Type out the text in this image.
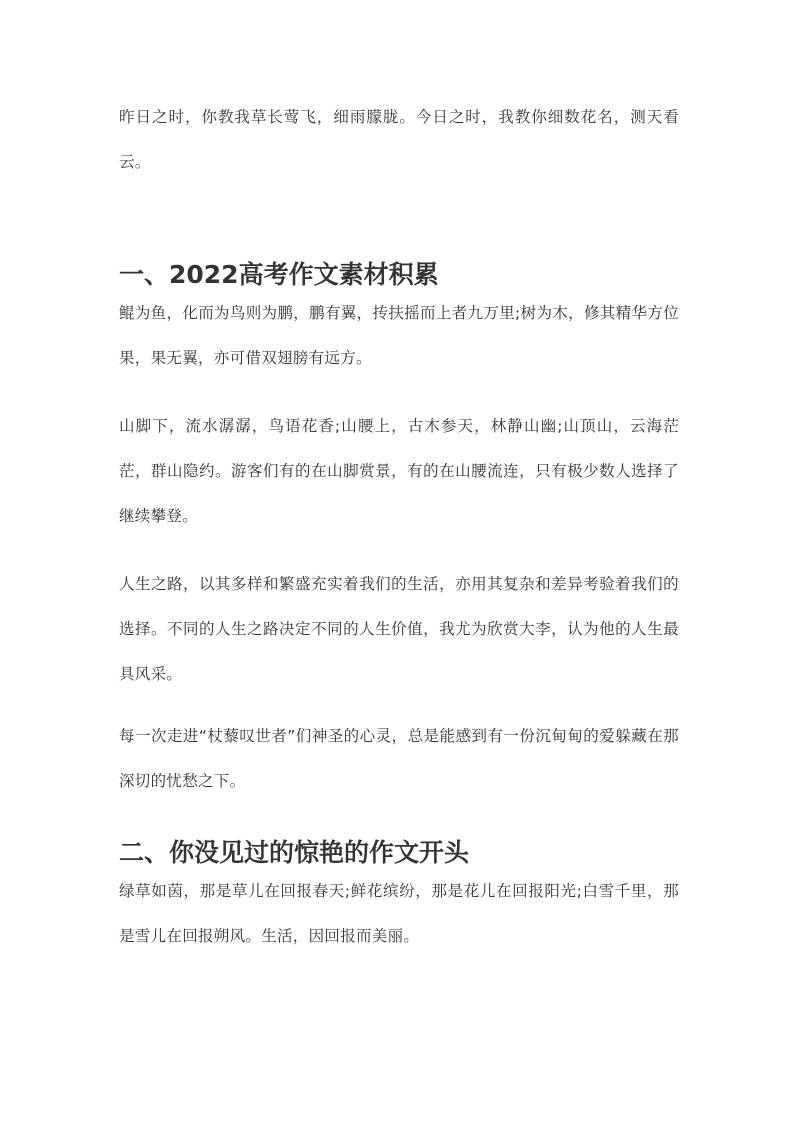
昨日之时，你教我草长莺飞，细雨朦胧。今日之时，我教你细数花名，测天看云。

一、2022高考作文素材积累

鲲为鱼，化而为鸟则为鹏，鹏有翼，抟扶摇而上者九万里;树为木，修其精华方位果，果无翼，亦可借双翅膀有远方。

山脚下，流水潺潺，鸟语花香;山腰上，古木参天，林静山幽;山顶山，云海茫茫，群山隐约。游客们有的在山脚赏景，有的在山腰流连，只有极少数人选择了继续攀登。

人生之路，以其多样和繁盛充实着我们的生活，亦用其复杂和差异考验着我们的选择。不同的人生之路决定不同的人生价值，我尤为欣赏大李，认为他的人生最具风采。

每一次走进“杖藜叹世者”们神圣的心灵，总是能感到有一份沉甸甸的爱躲藏在那深切的忧愁之下。

二、你没见过的惊艳的作文开头

绿草如茵，那是草儿在回报春天;鲜花缤纷，那是花儿在回报阳光;白雪千里，那是雪儿在回报朔风。生活，因回报而美丽。
